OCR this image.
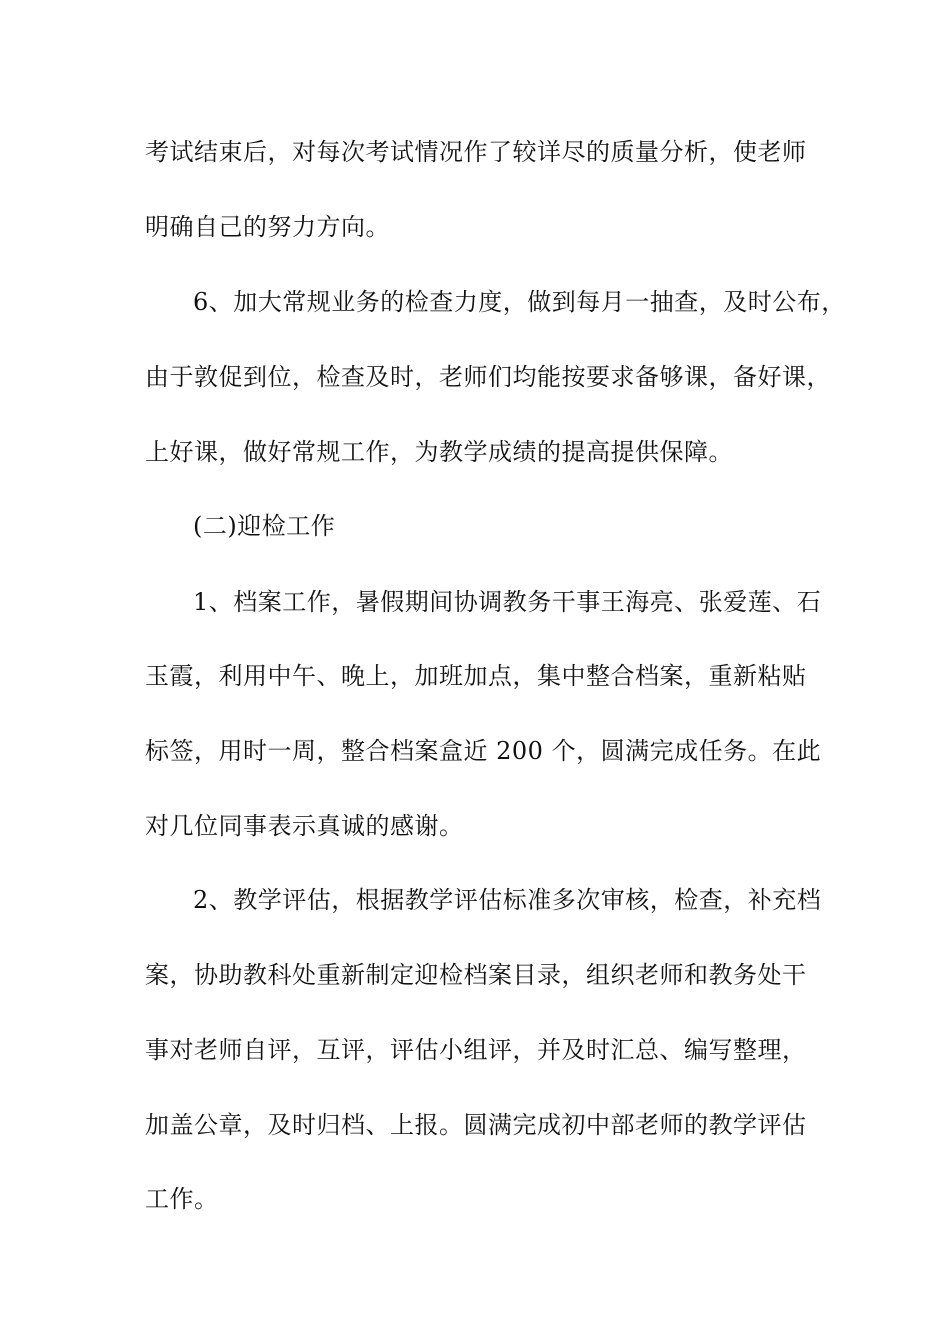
考试结束后，对每次考试情况作了较详尽的质量分析，使老师
明确自己的努力方向。
6、加大常规业务的检查力度，做到每月一抽查，及时公布，
由于敦促到位，检查及时，老师们均能按要求备够课，备好课，
上好课，做好常规工作，为教学成绩的提高提供保障。
(二)迎检工作
1、档案工作，暑假期间协调教务干事王海亮、张爱莲、石
玉霞，利用中午、晚上，加班加点，集中整合档案，重新粘贴
标签，用时一周，整合档案盒近 200 个，圆满完成任务。在此
对几位同事表示真诚的感谢。
2、教学评估，根据教学评估标准多次审核，检查，补充档
案，协助教科处重新制定迎检档案目录，组织老师和教务处干
事对老师自评，互评，评估小组评，并及时汇总、编写整理，
加盖公章，及时归档、上报。圆满完成初中部老师的教学评估
工作。
